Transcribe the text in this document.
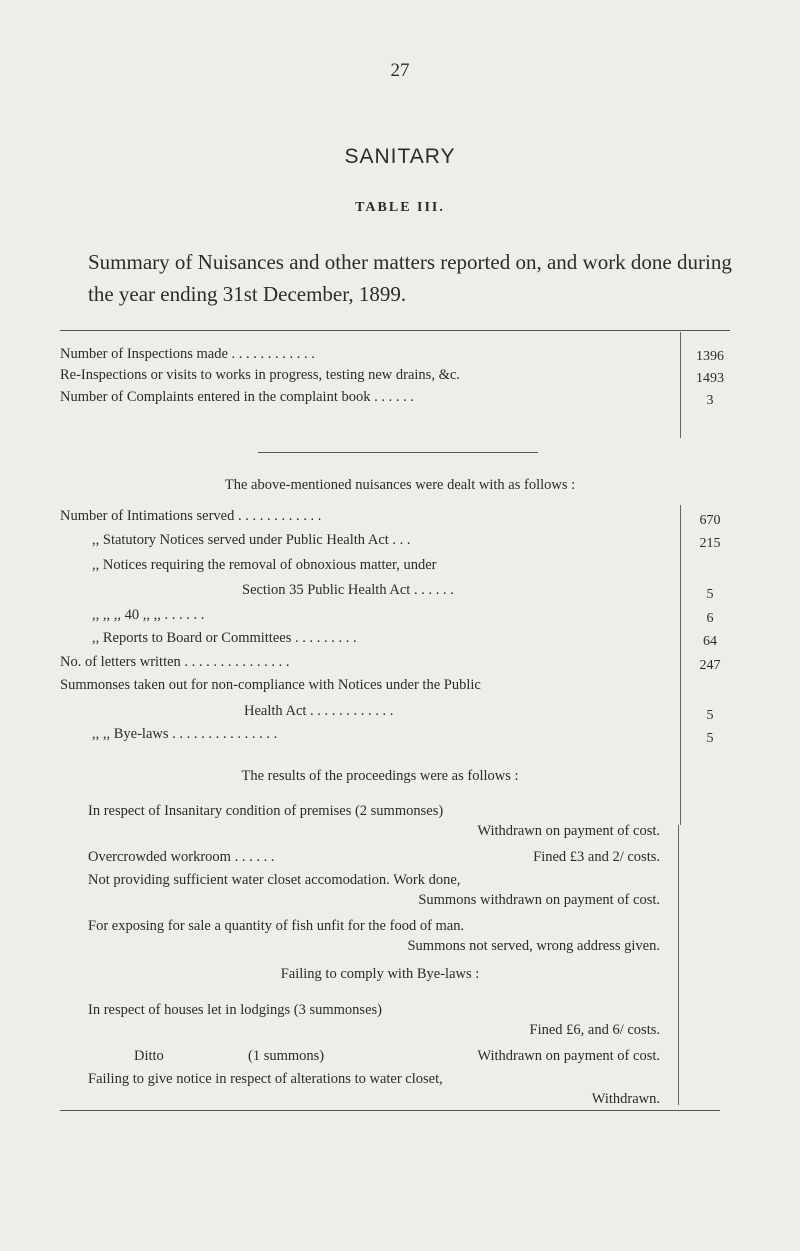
27
SANITARY
TABLE III.
Summary of Nuisances and other matters reported on, and work done during the year ending 31st December, 1899.
Number of Inspections made . . . . . . . . . . . .	1396
Re-Inspections or visits to works in progress, testing new drains, &c.	1493
Number of Complaints entered in the complaint book . . . . . .	3
The above-mentioned nuisances were dealt with as follows :
Number of Intimations served . . . . . . . . . . . .	670
,, Statutory Notices served under Public Health Act . . .	215
,, Notices requiring the removal of obnoxious matter, under
Section 35 Public Health Act . . . . . .	5
,, ,, ,, 40 ,, ,, . . . . . .	6
,, Reports to Board or Committees . . . . . . . . .	64
No. of letters written . . . . . . . . . . . . . . .	247
Summonses taken out for non-compliance with Notices under the Public
Health Act . . . . . . . . . . . .	5
,, ,, Bye-laws . . . . . . . . . . . . . . .	5
The results of the proceedings were as follows :
In respect of Insanitary condition of premises (2 summonses)
Withdrawn on payment of cost.
Overcrowded workroom . . . . . .	Fined £3 and 2/ costs.
Not providing sufficient water closet accomodation. Work done,
Summons withdrawn on payment of cost.
For exposing for sale a quantity of fish unfit for the food of man.
Summons not served, wrong address given.
Failing to comply with Bye-laws :
In respect of houses let in lodgings (3 summonses)
Fined £6, and 6/ costs.
Ditto	(1 summons)	Withdrawn on payment of cost.
Failing to give notice in respect of alterations to water closet,
Withdrawn.
